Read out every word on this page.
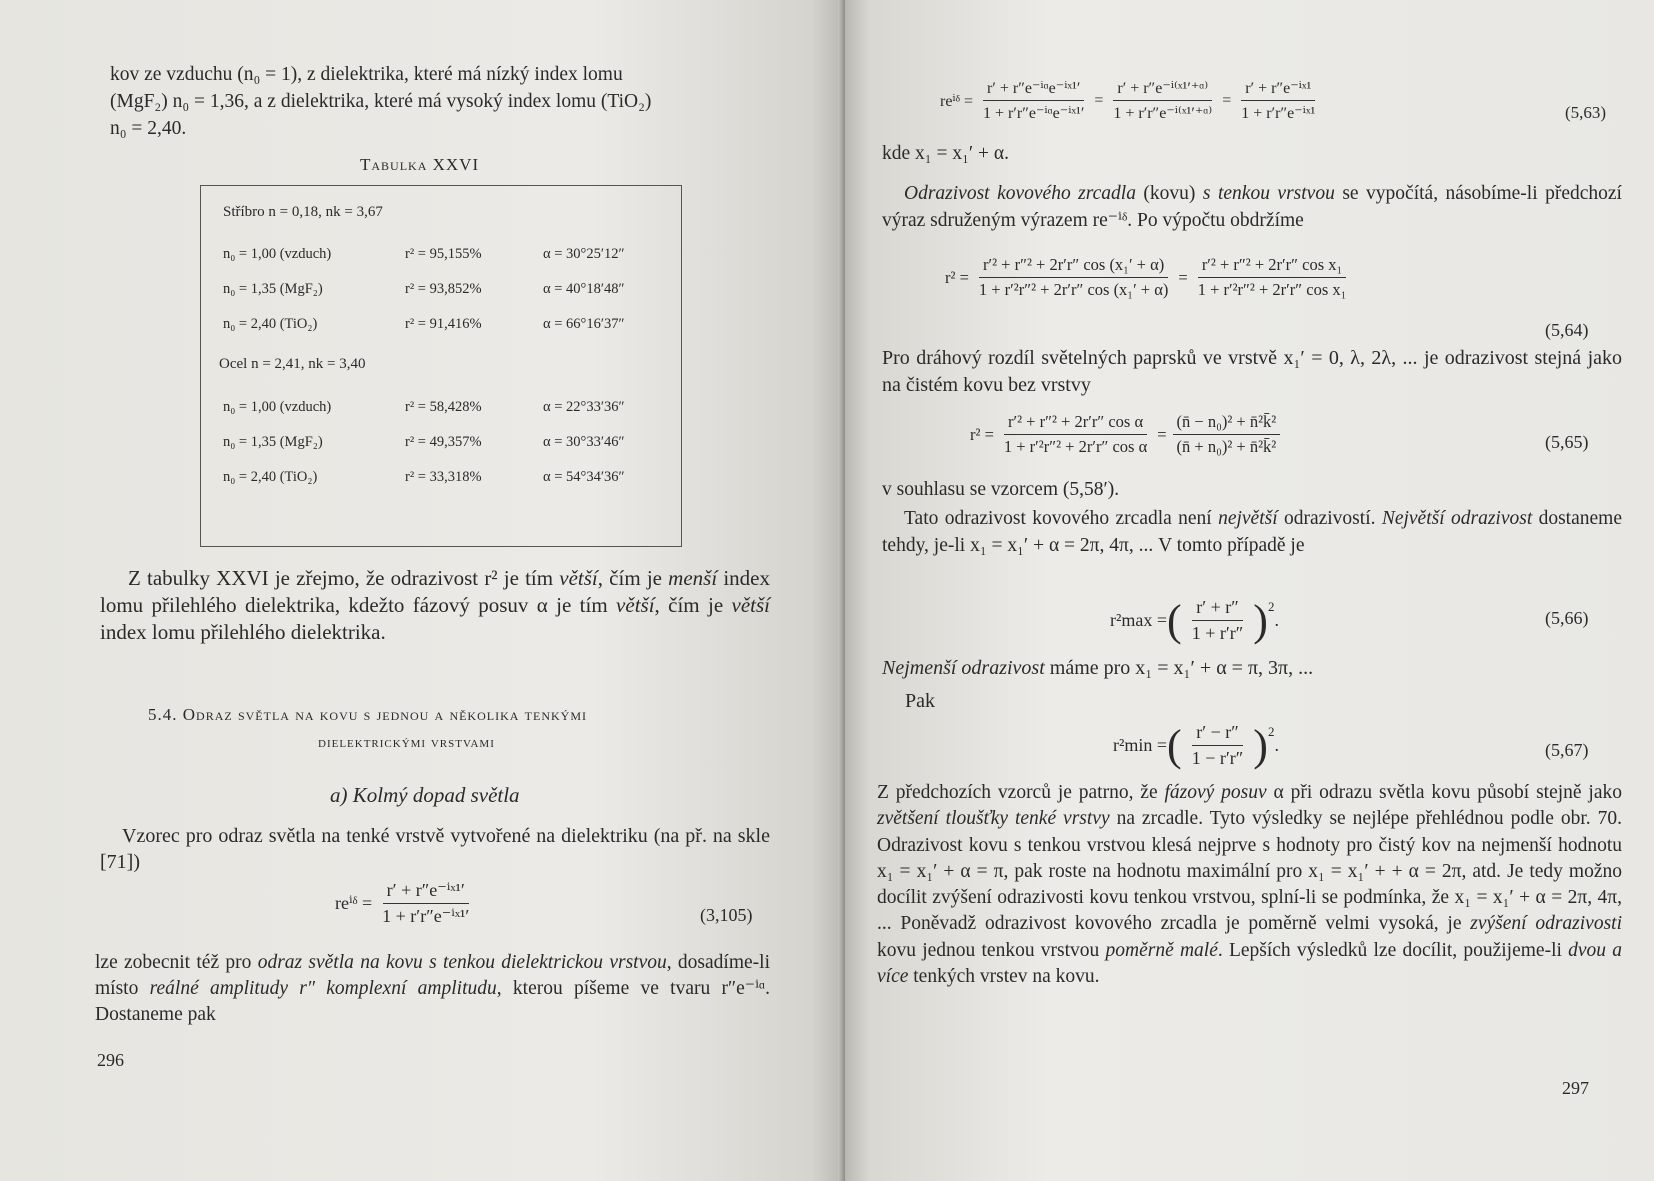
kov ze vzduchu (n₀ = 1), z dielektrika, které má nízký index lomu
(MgF₂) n₀ = 1,36, a z dielektrika, které má vysoký index lomu (TiO₂)
n₀ = 2,40.
Tabulka XXVI
Stříbro n = 0,18, nk = 3,67
n₀ = 1,00 (vzduch)	r² = 95,155%	α = 30°25′12″
n₀ = 1,35 (MgF₂)	r² = 93,852%	α = 40°18′48″
n₀ = 2,40 (TiO₂)	r² = 91,416%	α = 66°16′37″
Ocel n = 2,41, nk = 3,40
n₀ = 1,00 (vzduch)	r² = 58,428%	α = 22°33′36″
n₀ = 1,35 (MgF₂)	r² = 49,357%	α = 30°33′46″
n₀ = 2,40 (TiO₂)	r² = 33,318%	α = 54°34′36″
Z tabulky XXVI je zřejmo, že odrazivost r² je tím větší, čím je menší index lomu přilehlého dielektrika, kdežto fázový posuv α je tím větší, čím je větší index lomu přilehlého dielektrika.
5.4. Odraz světla na kovu s jednou a několika tenkými
dielektrickými vrstvami
a) Kolmý dopad světla
Vzorec pro odraz světla na tenké vrstvě vytvořené na dielektriku (na př. na skle [71])
reⁱᵟ = $\frac{\text{r′ + r″e⁻ⁱˣ¹′}}{\text{1 + r′r″e⁻ⁱˣ¹′}}$	(3,105)
lze zobecnit též pro odraz světla na kovu s tenkou dielektrickou vrstvou, dosadíme-li místo reálné amplitudy r″ komplexní amplitudu, kterou píšeme ve tvaru r″e⁻ⁱᵅ. Dostaneme pak
296
reⁱᵟ = $\frac{\text{r′ + r″e⁻ⁱᵅe⁻ⁱˣ¹′}}{\text{1 + r′r″e⁻ⁱᵅe⁻ⁱˣ¹′}} = \frac{\text{r′ + r″e⁻ⁱ⁽ˣ¹′⁺ᵅ⁾}}{\text{1 + r′r″e⁻ⁱ⁽ˣ¹′⁺ᵅ⁾}} = \frac{\text{r′ + r″e⁻ⁱˣ¹}}{\text{1 + r′r″e⁻ⁱˣ¹}}$	(5,63)
kde x₁ = x₁′ + α.
Odrazivost kovového zrcadla (kovu) s tenkou vrstvou se vypočítá, násobíme-li předchozí výraz sdruženým výrazem re⁻ⁱᵟ. Po výpočtu obdržíme
$r^2 = \frac{\text{r′² + r″² + 2r′r″ cos (x₁′ + α)}}{\text{1 + r′²r″² + 2r′r″ cos (x₁′ + α)}} = \frac{\text{r′² + r″² + 2r′r″ cos x₁}}{\text{1 + r′²r″² + 2r′r″ cos x₁}}$
(5,64)
Pro dráhový rozdíl světelných paprsků ve vrstvě x₁′ = 0, λ, 2λ, ... je odrazivost stejná jako na čistém kovu bez vrstvy
$r^2 = \frac{\text{r′² + r″² + 2r′r″ cos α}}{\text{1 + r′²r″² + 2r′r″ cos α}} = \frac{\text{(n̄ − n₀)² + n̄²k̄²}}{\text{(n̄ + n₀)² + n̄²k̄²}}$	(5,65)
v souhlasu se vzorcem (5,58′).
Tato odrazivost kovového zrcadla není největší odrazivostí. Největší odrazivost dostaneme tehdy, je-li x₁ = x₁′ + α = 2π, 4π, ... V tomto případě je
r²max = ( $\frac{r' + r''}{1 + r'r''} )^2$
.	(5,66)
Nejmenší odrazivost máme pro x₁ = x₁′ + α = π, 3π, ...
Pak
r²min = ( $\frac{r' - r''}{1 - r'r''} )^2$
.	(5,67)
Z předchozích vzorců je patrno, že fázový posuv α při odrazu světla kovu působí stejně jako zvětšení tloušťky tenké vrstvy na zrcadle. Tyto výsledky se nejlépe přehlédnou podle obr. 70. Odrazivost kovu s tenkou vrstvou klesá nejprve s hodnoty pro čistý kov na nejmenší hodnotu x₁ = x₁′ + α = π, pak roste na hodnotu maximální pro x₁ = x₁′ + + α = 2π, atd. Je tedy možno docílit zvýšení odrazivosti kovu tenkou vrstvou, splní-li se podmínka, že x₁ = x₁′ + α = 2π, 4π, ... Poněvadž odrazivost kovového zrcadla je poměrně velmi vysoká, je zvýšení odrazivosti kovu jednou tenkou vrstvou poměrně malé. Lepších výsledků lze docílit, použijeme-li dvou a více tenkých vrstev na kovu.
297
